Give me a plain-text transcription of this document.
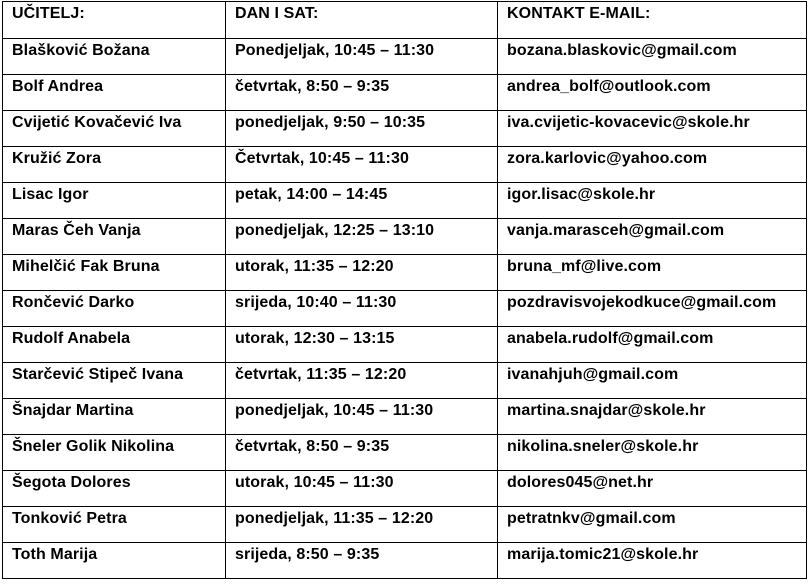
UČITELJ:	DAN I SAT:	KONTAKT E-MAIL:
Blašković Božana	Ponedjeljak, 10:45 – 11:30	bozana.blaskovic@gmail.com
Bolf Andrea	četvrtak, 8:50 – 9:35	andrea_bolf@outlook.com
Cvijetić Kovačević Iva	ponedjeljak, 9:50 – 10:35	iva.cvijetic-kovacevic@skole.hr
Kružić Zora	Četvrtak, 10:45 – 11:30	zora.karlovic@yahoo.com
Lisac Igor	petak, 14:00 – 14:45	igor.lisac@skole.hr
Maras Čeh Vanja	ponedjeljak, 12:25 – 13:10	vanja.marasceh@gmail.com
Mihelčić Fak Bruna	utorak, 11:35 – 12:20	bruna_mf@live.com
Rončević Darko	srijeda, 10:40 – 11:30	pozdravisvojekodkuce@gmail.com
Rudolf Anabela	utorak, 12:30 – 13:15	anabela.rudolf@gmail.com
Starčević Stipeč Ivana	četvrtak, 11:35 – 12:20	ivanahjuh@gmail.com
Šnajdar Martina	ponedjeljak, 10:45 – 11:30	martina.snajdar@skole.hr
Šneler Golik Nikolina	četvrtak, 8:50 – 9:35	nikolina.sneler@skole.hr
Šegota Dolores	utorak, 10:45 – 11:30	dolores045@net.hr
Tonković Petra	ponedjeljak, 11:35 – 12:20	petratnkv@gmail.com
Toth Marija	srijeda, 8:50 – 9:35	marija.tomic21@skole.hr
